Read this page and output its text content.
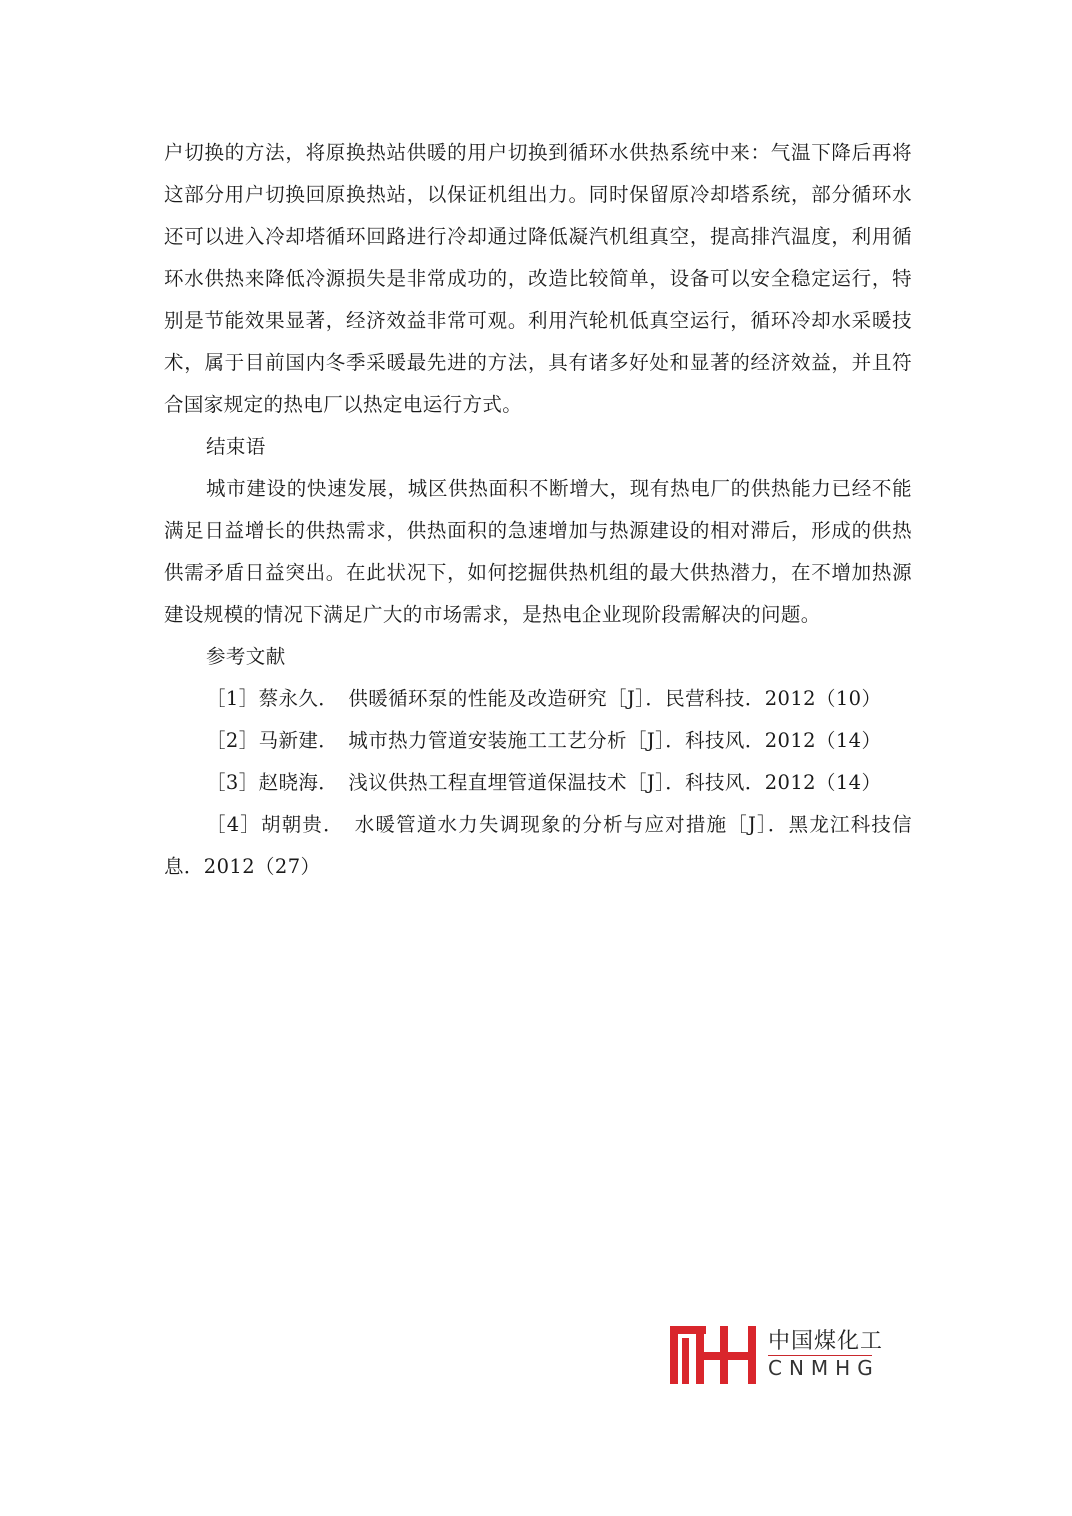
户切换的方法，将原换热站供暖的用户切换到循环水供热系统中来：气温下降后再将这部分用户切换回原换热站，以保证机组出力。同时保留原冷却塔系统，部分循环水还可以进入冷却塔循环回路进行冷却通过降低凝汽机组真空，提高排汽温度，利用循环水供热来降低冷源损失是非常成功的，改造比较简单，设备可以安全稳定运行，特别是节能效果显著，经济效益非常可观。利用汽轮机低真空运行，循环冷却水采暖技术，属于目前国内冬季采暖最先进的方法，具有诸多好处和显著的经济效益，并且符合国家规定的热电厂以热定电运行方式。

结束语

城市建设的快速发展，城区供热面积不断增大，现有热电厂的供热能力已经不能满足日益增长的供热需求，供热面积的急速增加与热源建设的相对滞后，形成的供热供需矛盾日益突出。在此状况下，如何挖掘供热机组的最大供热潜力，在不增加热源建设规模的情况下满足广大的市场需求，是热电企业现阶段需解决的问题。

参考文献

［1］蔡永久．　供暖循环泵的性能及改造研究［J］．民营科技．2012（10）

［2］马新建．　城市热力管道安装施工工艺分析［J］．科技风．2012（14）

［3］赵晓海．　浅议供热工程直埋管道保温技术［J］．科技风．2012（14）

［4］胡朝贵．　水暖管道水力失调现象的分析与应对措施［J］．黑龙江科技信息．2012（27）

中国煤化工
CNMHG
